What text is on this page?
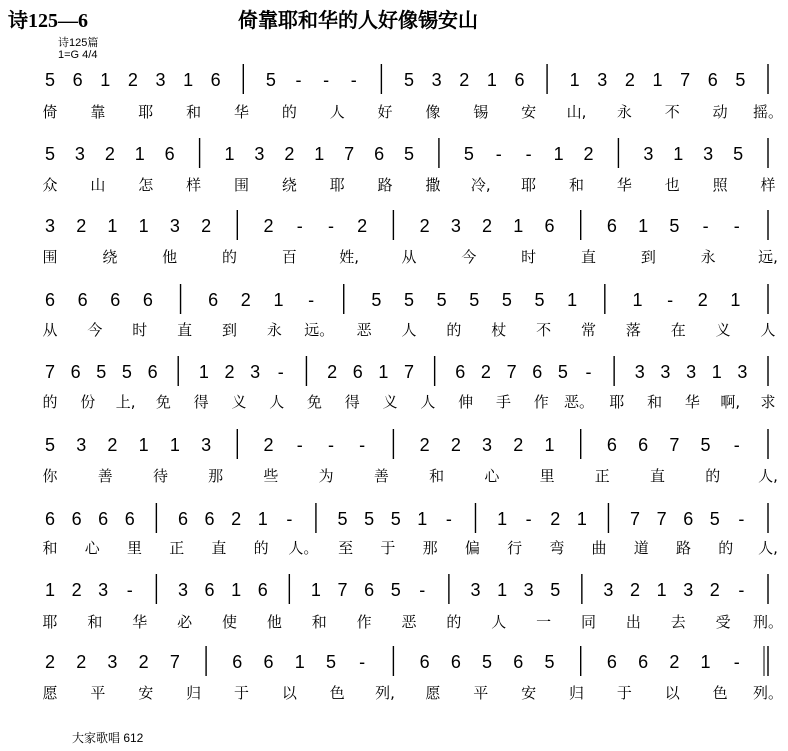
诗125—6	倚靠耶和华的人好像锡安山
诗125篇
1=G 4/4
5 6 1 2 3 1 6	5 - - -	5 3 2 1 6	1 3 2 1 7 6 5
倚 靠 耶 和 华 的 人 好 像 锡 安 山, 永 不 动 摇。
5 3 2 1 6	1 3 2 1 7 6 5	5 - - 1 2	3 1 3 5
众 山 怎 样 围 绕 耶 路 撒 冷, 耶 和 华 也 照 样
3 2 1 1 3 2	2 - - 2	2 3 2 1 6	6 1 5 - -
围	绕	他	的	百	姓,	从	今	时	直	到	永	远,
6 6 6 6	6 2 1 -	5 5 5 5 5 5 1	1 - 2 1
从 今 时 直 到 永 远。 恶 人 的 杖 不 常 落 在 义 人
7 6 5 5 6 1 2 3 - 2 6 1 7 6 2 7 6 5 - 3 3 3 1 3
的 份 上, 免 得 义 人 免 得 义 人 伸 手 作 恶。 耶 和 华 啊, 求
5 3 2 1 1 3	2 - - -	2 2 3 2 1	6 6 7 5 -
你	善	待	那	些	为	善	和	心	里	正	直	的	人,
6 6 6 6 6 6 2 1 -	5 5 5 1 -	1 - 2 1 7 7 6 5 -
和 心 里 正 直 的 人。 至 于 那 偏 行 弯 曲 道 路 的 人,
1 2 3 -	3 6 1 6 1 7 6 5 -	3 1 3 5 3 2 1 3 2 -
耶 和 华 必 使 他 和 作 恶 的 人 一 同 出 去 受 刑。
2 2 3 2 7	6 6 1 5 -	6 6 5 6 5	6 6 2 1 -
愿 平 安 归 于 以 色 列, 愿 平 安 归 于 以 色 列。
大家歌唱 612
